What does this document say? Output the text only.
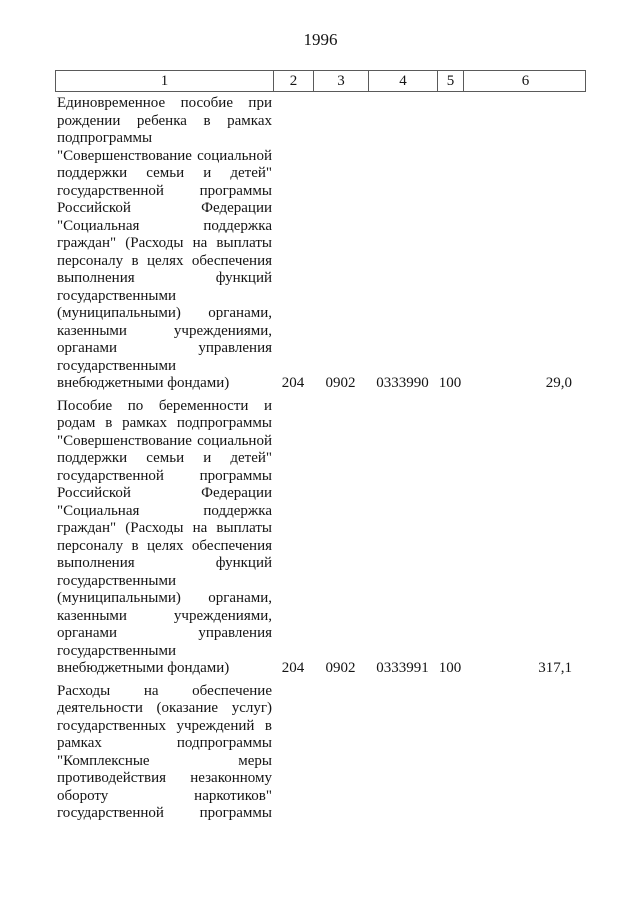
1996
1	2	3	4	5	6
Единовременное пособие при
рождении ребенка в рамках
подпрограммы
"Совершенствование социальной
поддержки семьи и детей"
государственной программы
Российской Федерации
"Социальная поддержка
граждан" (Расходы на выплаты
персоналу в целях обеспечения
выполнения функций
государственными
(муниципальными) органами,
казенными учреждениями,
органами управления
государственными
внебюджетными фондами)	204	0902	0333990 100	29,0
Пособие по беременности и
родам в рамках подпрограммы
"Совершенствование социальной
поддержки семьи и детей"
государственной программы
Российской Федерации
"Социальная поддержка
граждан" (Расходы на выплаты
персоналу в целях обеспечения
выполнения функций
государственными
(муниципальными) органами,
казенными учреждениями,
органами управления
государственными
внебюджетными фондами)	204	0902	0333991 100	317,1
Расходы на обеспечение
деятельности (оказание услуг)
государственных учреждений в
рамках подпрограммы
"Комплексные меры
противодействия незаконному
обороту наркотиков"
государственной программы
